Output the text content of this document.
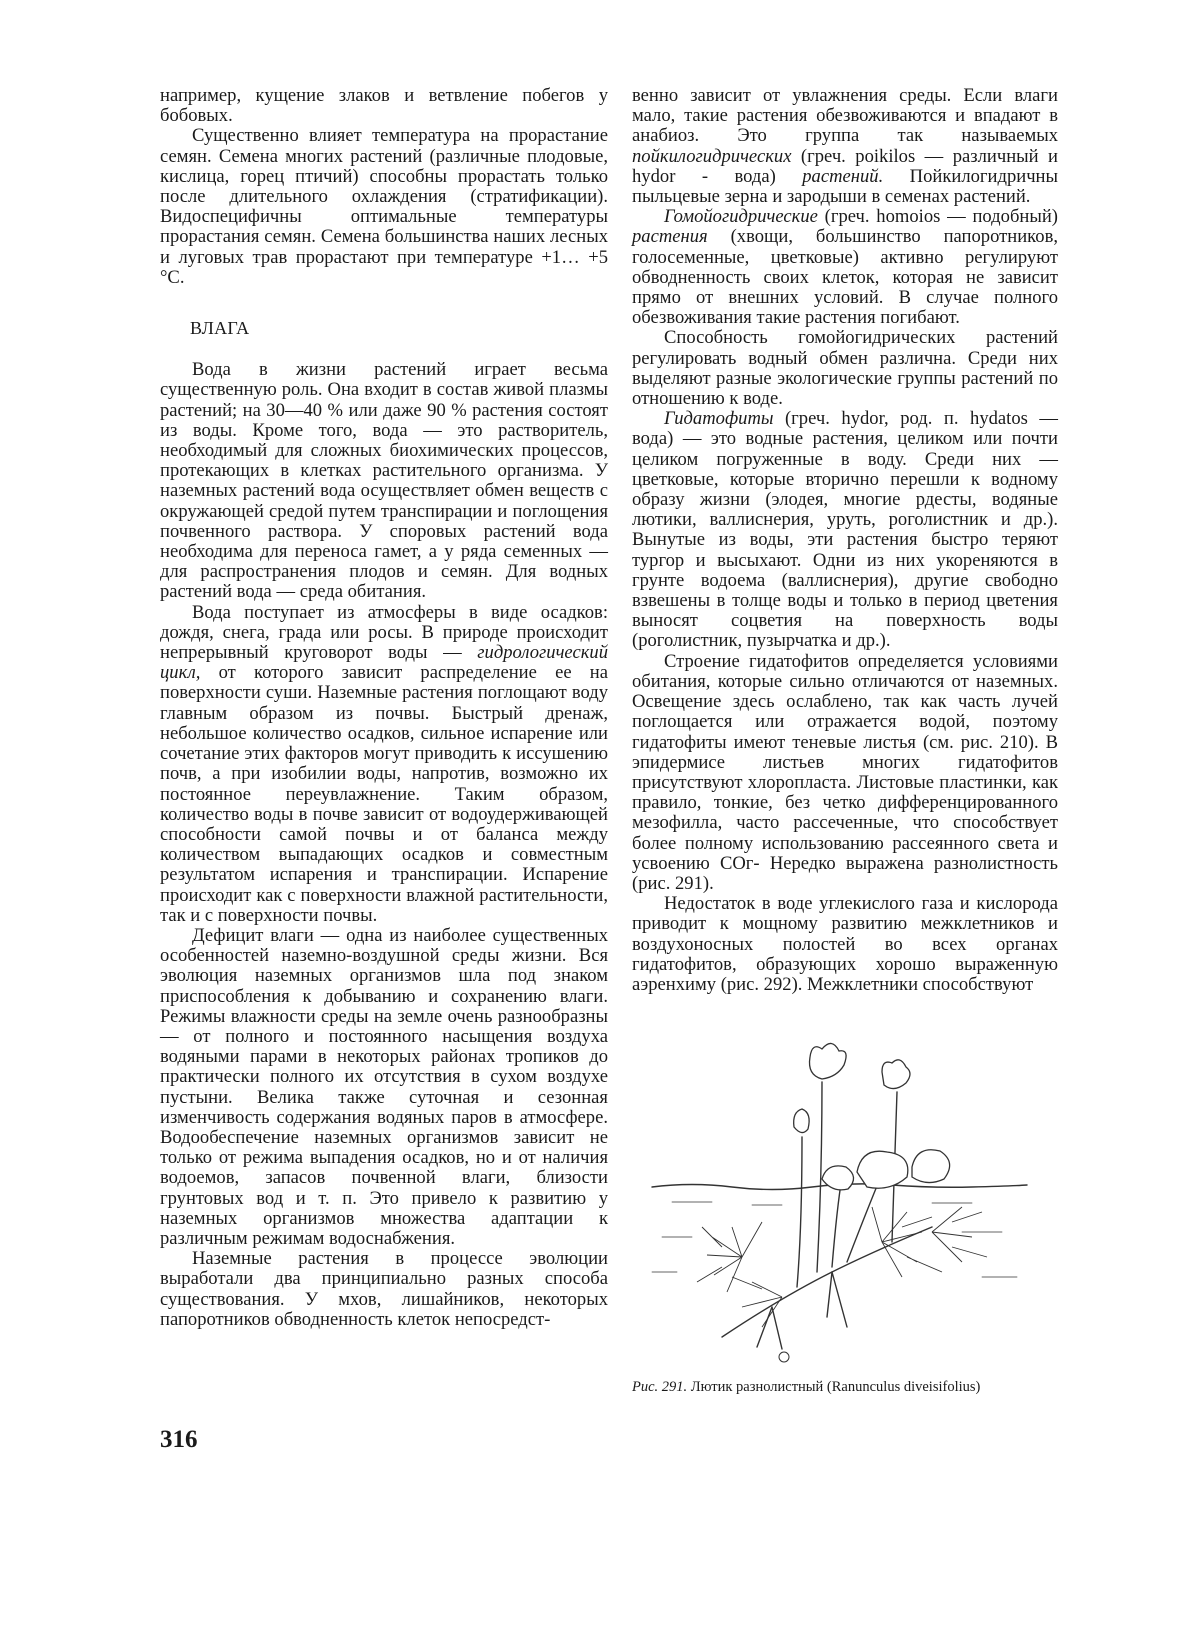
например, кущение злаков и ветвление побегов у бобовых.

Существенно влияет температура на прорастание семян. Семена многих растений (различные плодовые, кислица, горец птичий) способны прорастать только после длительного охлаждения (стратификации). Видоспецифичны оптимальные температуры прорастания семян. Семена большинства наших лесных и луговых трав прорастают при температуре +1… +5 °С.

ВЛАГА

Вода в жизни растений играет весьма существенную роль. Она входит в состав живой плазмы растений; на 30—40 % или даже 90 % растения состоят из воды. Кроме того, вода — это растворитель, необходимый для сложных биохимических процессов, протекающих в клетках растительного организма. У наземных растений вода осуществляет обмен веществ с окружающей средой путем транспирации и поглощения почвенного раствора. У споровых растений вода необходима для переноса гамет, а у ряда семенных — для распространения плодов и семян. Для водных растений вода — среда обитания.

Вода поступает из атмосферы в виде осадков: дождя, снега, града или росы. В природе происходит непрерывный круговорот воды — гидрологический цикл, от которого зависит распределение ее на поверхности суши. Наземные растения поглощают воду главным образом из почвы. Быстрый дренаж, небольшое количество осадков, сильное испарение или сочетание этих факторов могут приводить к иссушению почв, а при изобилии воды, напротив, возможно их постоянное переувлажнение. Таким образом, количество воды в почве зависит от водоудерживающей способности самой почвы и от баланса между количеством выпадающих осадков и совместным результатом испарения и транспирации. Испарение происходит как с поверхности влажной растительности, так и с поверхности почвы.

Дефицит влаги — одна из наиболее существенных особенностей наземно-воздушной среды жизни. Вся эволюция наземных организмов шла под знаком приспособления к добыванию и сохранению влаги. Режимы влажности среды на земле очень разнообразны — от полного и постоянного насыщения воздуха водяными парами в некоторых районах тропиков до практически полного их отсутствия в сухом воздухе пустыни. Велика также суточная и сезонная изменчивость содержания водяных паров в атмосфере. Водообеспечение наземных организмов зависит не только от режима выпадения осадков, но и от наличия водоемов, запасов почвенной влаги, близости грунтовых вод и т. п. Это привело к развитию у наземных организмов множества адаптации к различным режимам водоснабжения.

Наземные растения в процессе эволюции выработали два принципиально разных способа существования. У мхов, лишайников, некоторых папоротников обводненность клеток непосредст-

венно зависит от увлажнения среды. Если влаги мало, такие растения обезвоживаются и впадают в анабиоз. Это группа так называемых пойкилогидрических (греч. poikilos — различный и hydor - вода) растений. Пойкилогидричны пыльцевые зерна и зародыши в семенах растений.

Гомойогидрические (греч. homoios — подобный) растения (хвощи, большинство папоротников, голосеменные, цветковые) активно регулируют обводненность своих клеток, которая не зависит прямо от внешних условий. В случае полного обезвоживания такие растения погибают.

Способность гомойогидрических растений регулировать водный обмен различна. Среди них выделяют разные экологические группы растений по отношению к воде.

Гидатофиты (греч. hydor, род. п. hydatos — вода) — это водные растения, целиком или почти целиком погруженные в воду. Среди них — цветковые, которые вторично перешли к водному образу жизни (элодея, многие рдесты, водяные лютики, валлиснерия, уруть, роголистник и др.). Вынутые из воды, эти растения быстро теряют тургор и высыхают. Одни из них укореняются в грунте водоема (валлиснерия), другие свободно взвешены в толще воды и только в период цветения выносят соцветия на поверхность воды (роголистник, пузырчатка и др.).

Строение гидатофитов определяется условиями обитания, которые сильно отличаются от наземных. Освещение здесь ослаблено, так как часть лучей поглощается или отражается водой, поэтому гидатофиты имеют теневые листья (см. рис. 210). В эпидермисе листьев многих гидатофитов присутствуют хлоропласта. Листовые пластинки, как правило, тонкие, без четко дифференцированного мезофилла, часто рассеченные, что способствует более полному использованию рассеянного света и усвоению СОг- Нередко выражена разнолистность (рис. 291).

Недостаток в воде углекислого газа и кислорода приводит к мощному развитию межклетников и воздухоносных полостей во всех органах гидатофитов, образующих хорошо выраженную аэренхиму (рис. 292). Межклетники способствуют

Рис. 291. Лютик разнолистный (Ranunculus diveisifolius)
316
